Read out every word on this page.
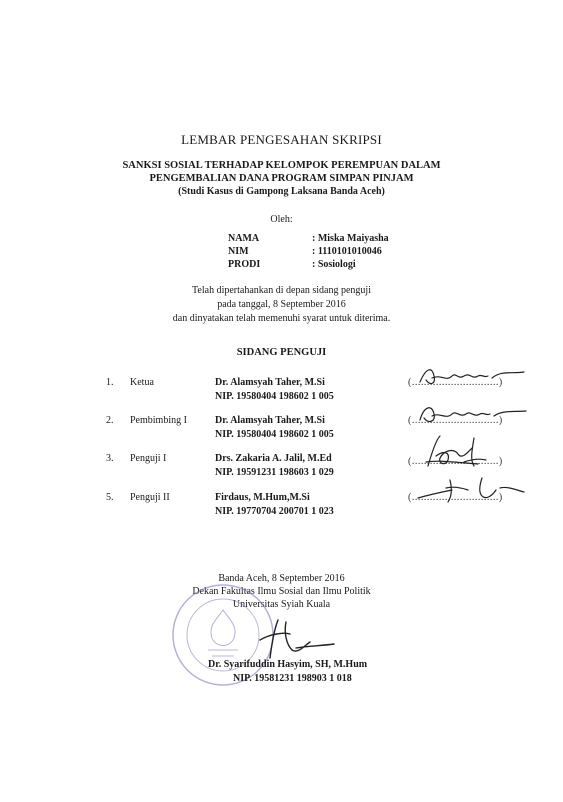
LEMBAR PENGESAHAN SKRIPSI
SANKSI SOSIAL TERHADAP KELOMPOK PEREMPUAN DALAM
PENGEMBALIAN DANA PROGRAM SIMPAN PINJAM
(Studi Kasus di Gampong Laksana Banda Aceh)
Oleh:
NAMA	: Miska Maiyasha
NIM	: 1110101010046
PRODI	: Sosiologi
Telah dipertahankan di depan sidang penguji
pada tanggal, 8 September 2016
dan dinyatakan telah memenuhi syarat untuk diterima.
SIDANG PENGUJI
1. Ketua	Dr. Alamsyah Taher, M.Si
NIP. 19580404 198602 1 005
(.............................)
2. Pembimbing I	Dr. Alamsyah Taher, M.Si
NIP. 19580404 198602 1 005
(.............................)
3. Penguji I	Drs. Zakaria A. Jalil, M.Ed
NIP. 19591231 198603 1 029
(.............................)
5. Penguji II	Firdaus, M.Hum,M.Si
NIP. 19770704 200701 1 023
(.............................)
Banda Aceh, 8 September 2016
Dekan Fakultas Ilmu Sosial dan Ilmu Politik
Universitas Syiah Kuala
Dr. Syarifuddin Hasyim, SH, M.Hum
NIP. 19581231 198903 1 018
